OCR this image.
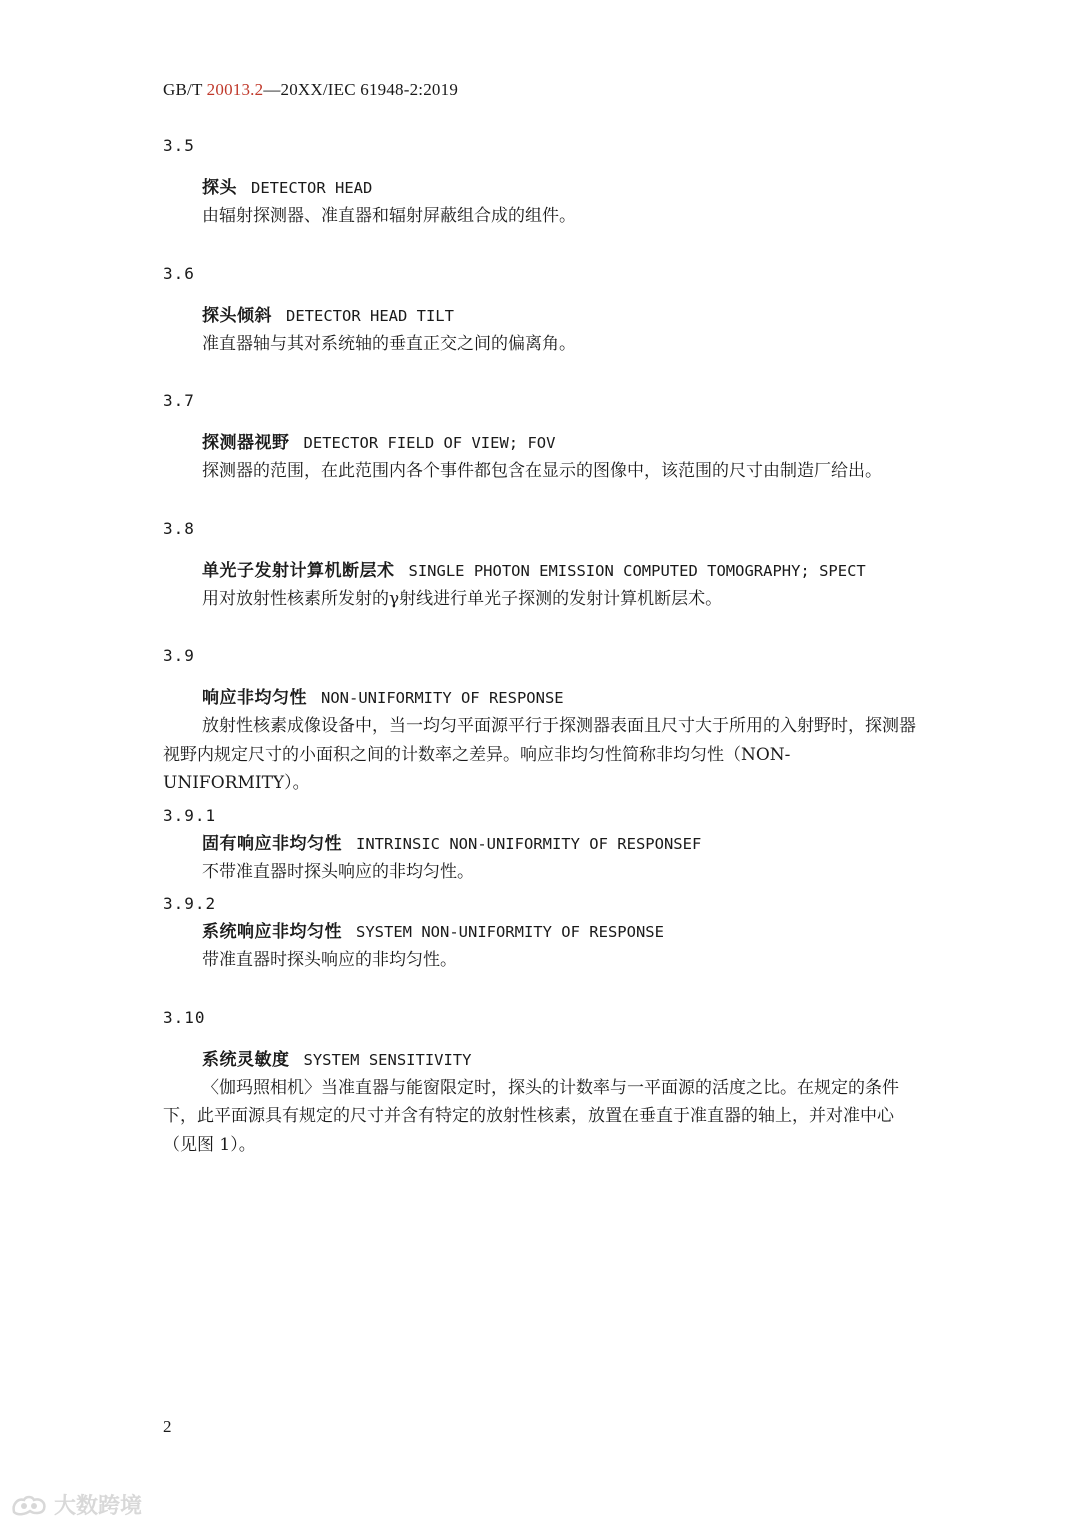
GB/T 20013.2—20XX/IEC 61948-2:2019
3.5
探头 DETECTOR HEAD

由辐射探测器、准直器和辐射屏蔽组合成的组件。

3.6
探头倾斜 DETECTOR HEAD TILT

准直器轴与其对系统轴的垂直正交之间的偏离角。

3.7
探测器视野 DETECTOR FIELD OF VIEW; FOV

探测器的范围，在此范围内各个事件都包含在显示的图像中，该范围的尺寸由制造厂给出。

3.8
单光子发射计算机断层术 SINGLE PHOTON EMISSION COMPUTED TOMOGRAPHY; SPECT

用对放射性核素所发射的γ射线进行单光子探测的发射计算机断层术。

3.9
响应非均匀性 NON-UNIFORMITY OF RESPONSE

放射性核素成像设备中，当一均匀平面源平行于探测器表面且尺寸大于所用的入射野时，探测器视野内规定尺寸的小面积之间的计数率之差异。响应非均匀性简称非均匀性（NON-UNIFORMITY）。

3.9.1
固有响应非均匀性 INTRINSIC NON-UNIFORMITY OF RESPONSEF

不带准直器时探头响应的非均匀性。

3.9.2
系统响应非均匀性 SYSTEM NON-UNIFORMITY OF RESPONSE

带准直器时探头响应的非均匀性。

3.10
系统灵敏度 SYSTEM SENSITIVITY

〈伽玛照相机〉当准直器与能窗限定时，探头的计数率与一平面源的活度之比。在规定的条件下，此平面源具有规定的尺寸并含有特定的放射性核素，放置在垂直于准直器的轴上，并对准中心（见图 1）。

2
大数跨境
